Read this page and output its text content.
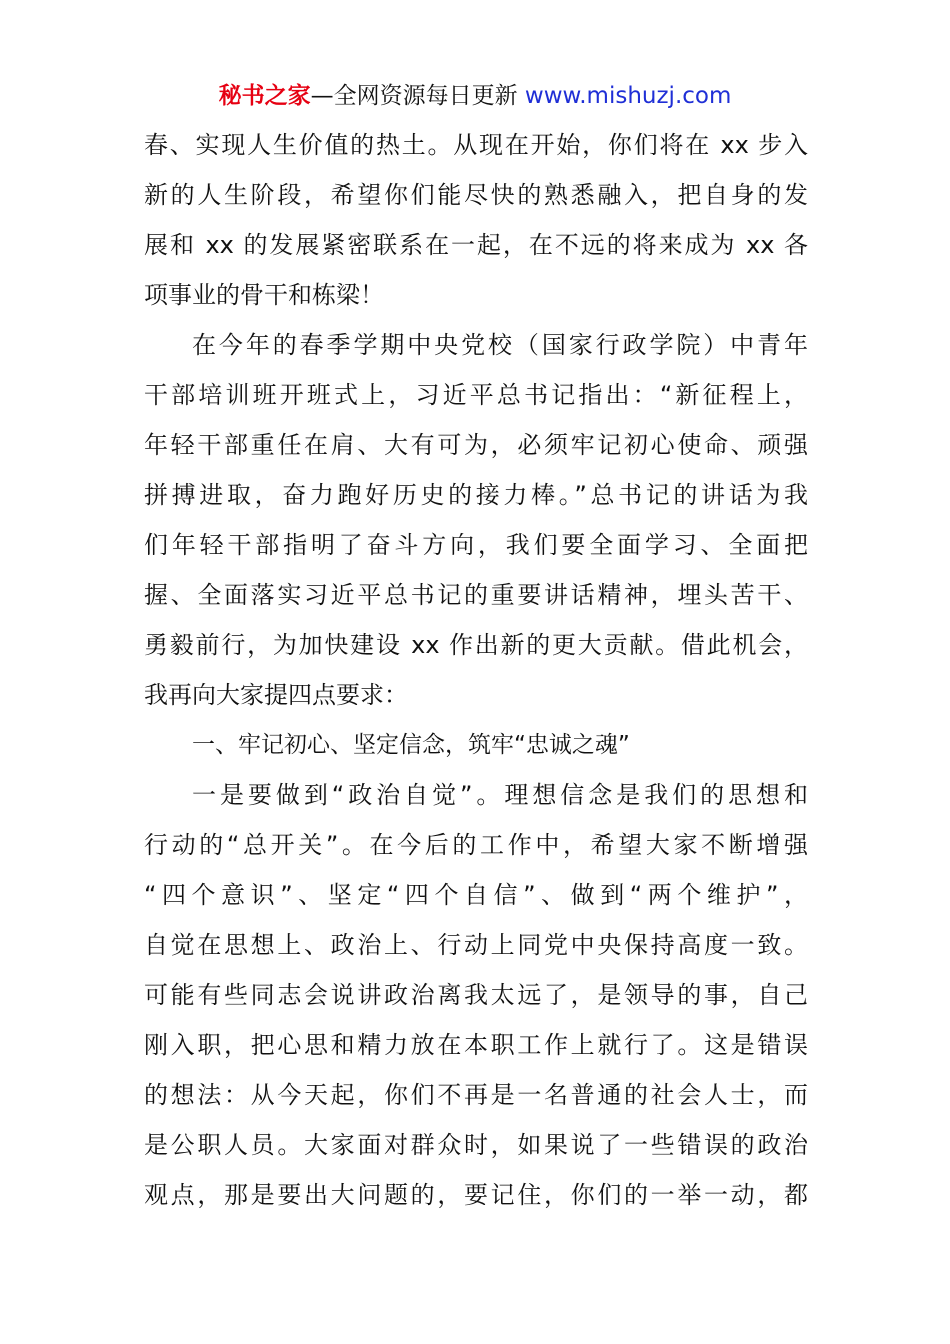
秘书之家—全网资源每日更新 www.mishuzj.com
春、实现人生价值的热土。从现在开始，你们将在 xx 步入
新的人生阶段，希望你们能尽快的熟悉融入，把自身的发
展和 xx 的发展紧密联系在一起，在不远的将来成为 xx 各
项事业的骨干和栋梁！
在今年的春季学期中央党校（国家行政学院）中青年
干部培训班开班式上，习近平总书记指出：“新征程上，
年轻干部重任在肩、大有可为，必须牢记初心使命、顽强
拼搏进取，奋力跑好历史的接力棒。”总书记的讲话为我
们年轻干部指明了奋斗方向，我们要全面学习、全面把
握、全面落实习近平总书记的重要讲话精神，埋头苦干、
勇毅前行，为加快建设 xx 作出新的更大贡献。借此机会，
我再向大家提四点要求：
一、牢记初心、坚定信念，筑牢“忠诚之魂”
一是要做到“政治自觉”。理想信念是我们的思想和
行动的“总开关”。在今后的工作中，希望大家不断增强
“四个意识”、坚定“四个自信”、做到“两个维护”，
自觉在思想上、政治上、行动上同党中央保持高度一致。
可能有些同志会说讲政治离我太远了，是领导的事，自己
刚入职，把心思和精力放在本职工作上就行了。这是错误
的想法：从今天起，你们不再是一名普通的社会人士，而
是公职人员。大家面对群众时，如果说了一些错误的政治
观点，那是要出大问题的，要记住，你们的一举一动，都
